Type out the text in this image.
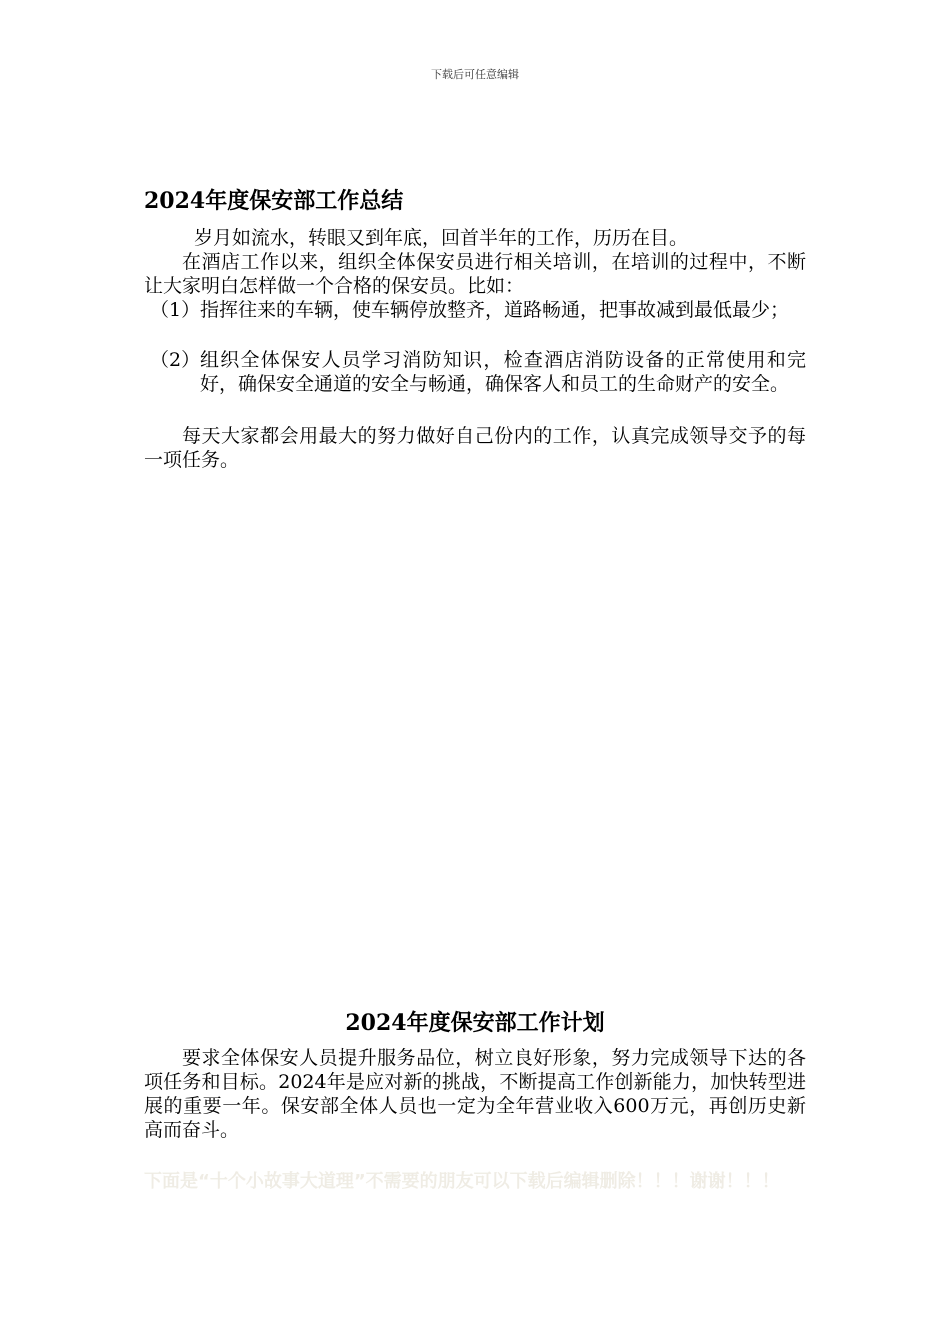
下载后可任意编辑
2024年度保安部工作总结
岁月如流水，转眼又到年底，回首半年的工作，历历在目。
在酒店工作以来，组织全体保安员进行相关培训，在培训的过程中，不断让大家明白怎样做一个合格的保安员。比如：
（1） 指挥往来的车辆，使车辆停放整齐，道路畅通，把事故减到最低最少；
（2） 组织全体保安人员学习消防知识，检查酒店消防设备的正常使用和完好，确保安全通道的安全与畅通，确保客人和员工的生命财产的安全。
每天大家都会用最大的努力做好自己份内的工作，认真完成领导交予的每一项任务。
2024年度保安部工作计划
要求全体保安人员提升服务品位，树立良好形象，努力完成领导下达的各项任务和目标。2024年是应对新的挑战，不断提高工作创新能力，加快转型进展的重要一年。保安部全体人员也一定为全年营业收入600万元，再创历史新高而奋斗。
下面是“十个小故事大道理”不需要的朋友可以下载后编辑删除！！！谢谢！！！
